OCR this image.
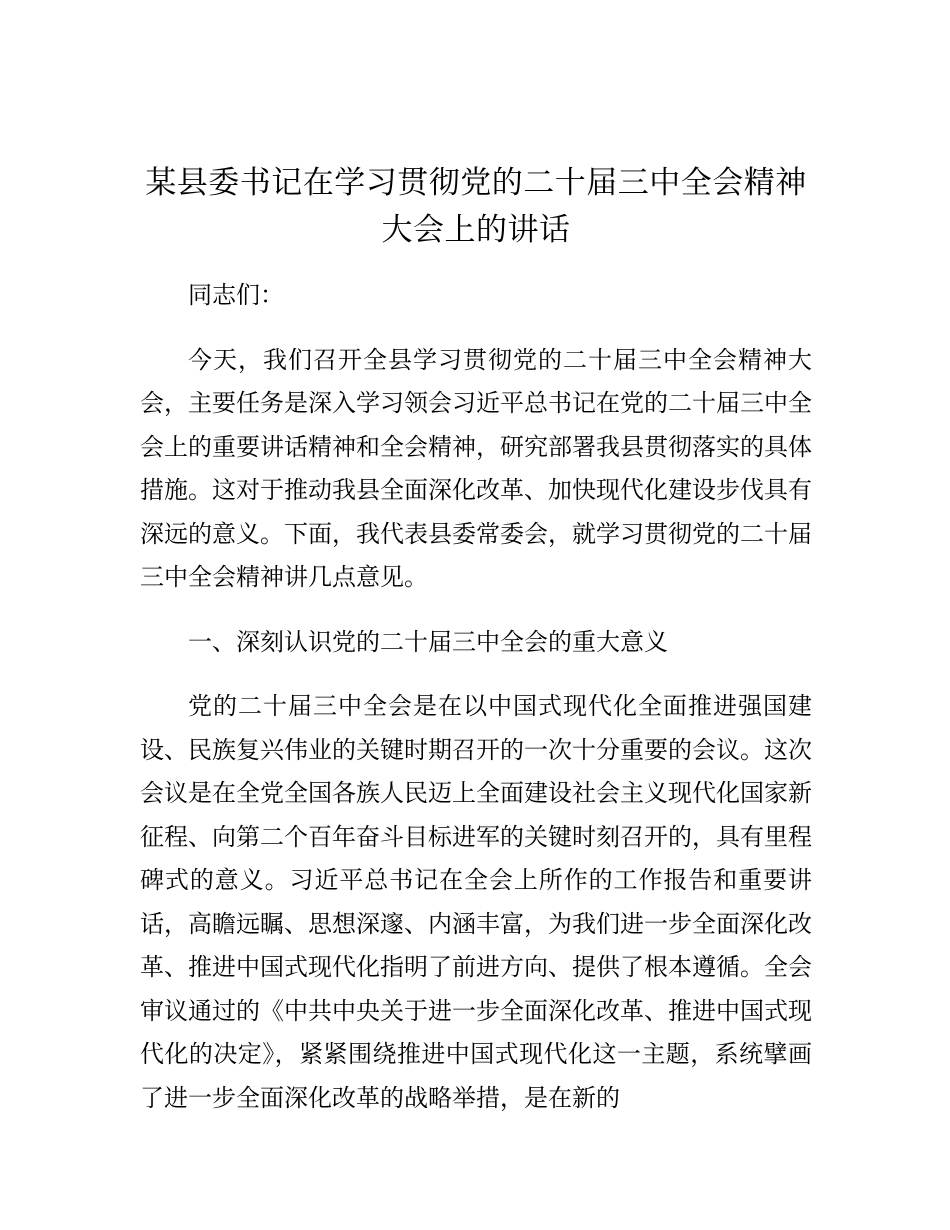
某县委书记在学习贯彻党的二十届三中全会精神大会上的讲话

同志们：

今天，我们召开全县学习贯彻党的二十届三中全会精神大会，主要任务是深入学习领会习近平总书记在党的二十届三中全会上的重要讲话精神和全会精神，研究部署我县贯彻落实的具体措施。这对于推动我县全面深化改革、加快现代化建设步伐具有深远的意义。下面，我代表县委常委会，就学习贯彻党的二十届三中全会精神讲几点意见。

一、深刻认识党的二十届三中全会的重大意义

党的二十届三中全会是在以中国式现代化全面推进强国建设、民族复兴伟业的关键时期召开的一次十分重要的会议。这次会议是在全党全国各族人民迈上全面建设社会主义现代化国家新征程、向第二个百年奋斗目标进军的关键时刻召开的，具有里程碑式的意义。习近平总书记在全会上所作的工作报告和重要讲话，高瞻远瞩、思想深邃、内涵丰富，为我们进一步全面深化改革、推进中国式现代化指明了前进方向、提供了根本遵循。全会审议通过的《中共中央关于进一步全面深化改革、推进中国式现代化的决定》，紧紧围绕推进中国式现代化这一主题，系统擘画了进一步全面深化改革的战略举措，是在新的
